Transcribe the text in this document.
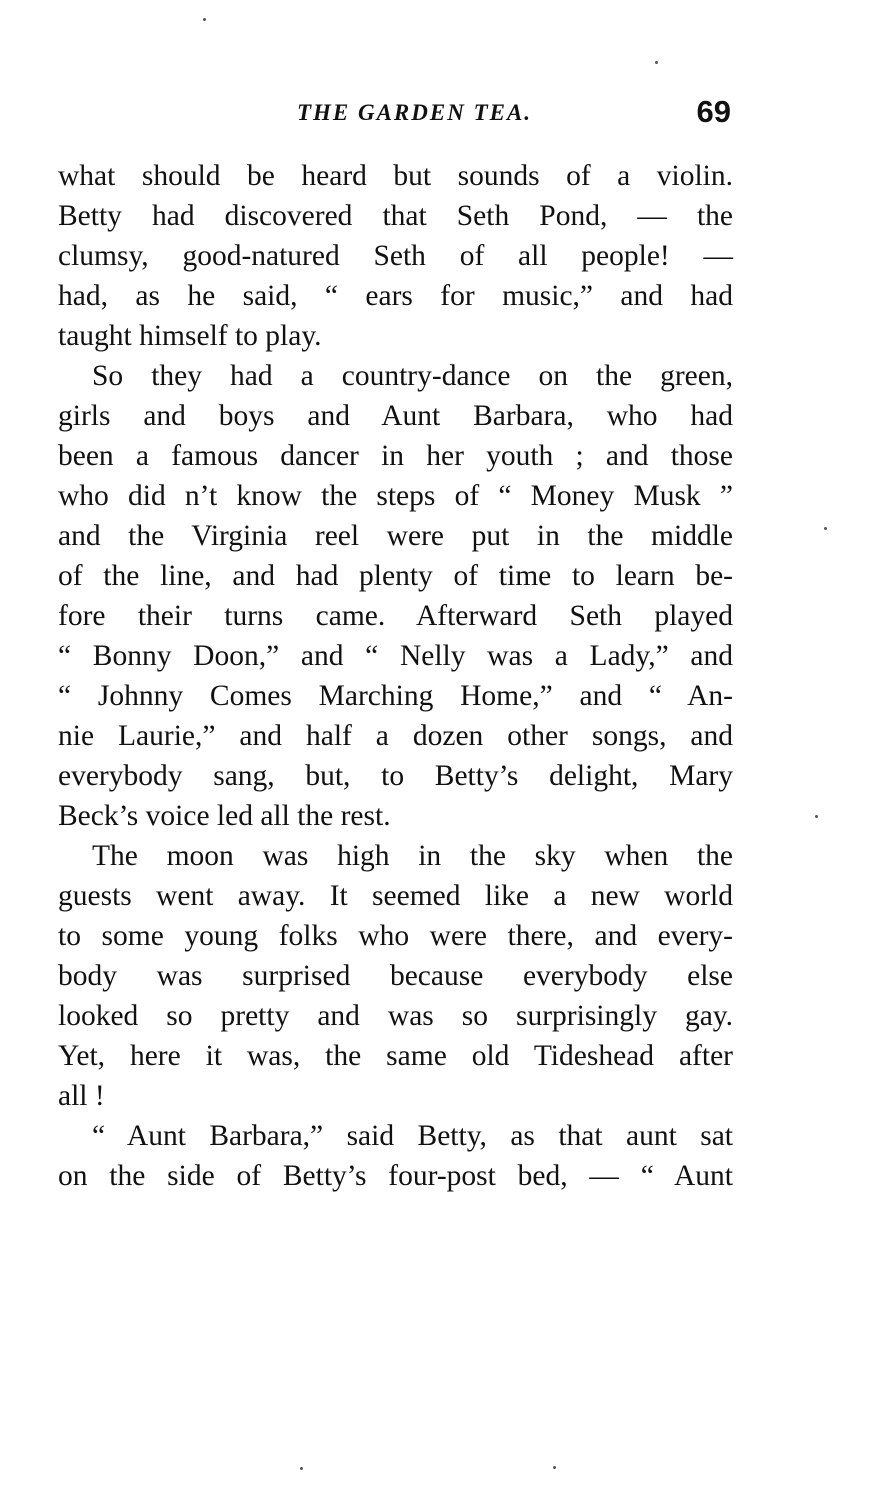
THE GARDEN TEA.	69
what should be heard but sounds of a violin.
Betty had discovered that Seth Pond, — the
clumsy, good-natured Seth of all people! —
had, as he said, “ ears for music,” and had
taught himself to play.
So they had a country-dance on the green,
girls and boys and Aunt Barbara, who had
been a famous dancer in her youth ; and those
who did n’t know the steps of “ Money Musk ”
and the Virginia reel were put in the middle
of the line, and had plenty of time to learn be-
fore their turns came. Afterward Seth played
“ Bonny Doon,” and “ Nelly was a Lady,” and
“ Johnny Comes Marching Home,” and “ An-
nie Laurie,” and half a dozen other songs, and
everybody sang, but, to Betty’s delight, Mary
Beck’s voice led all the rest.
The moon was high in the sky when the
guests went away. It seemed like a new world
to some young folks who were there, and every-
body was surprised because everybody else
looked so pretty and was so surprisingly gay.
Yet, here it was, the same old Tideshead after
all !
“ Aunt Barbara,” said Betty, as that aunt sat
on the side of Betty’s four-post bed, — “ Aunt
